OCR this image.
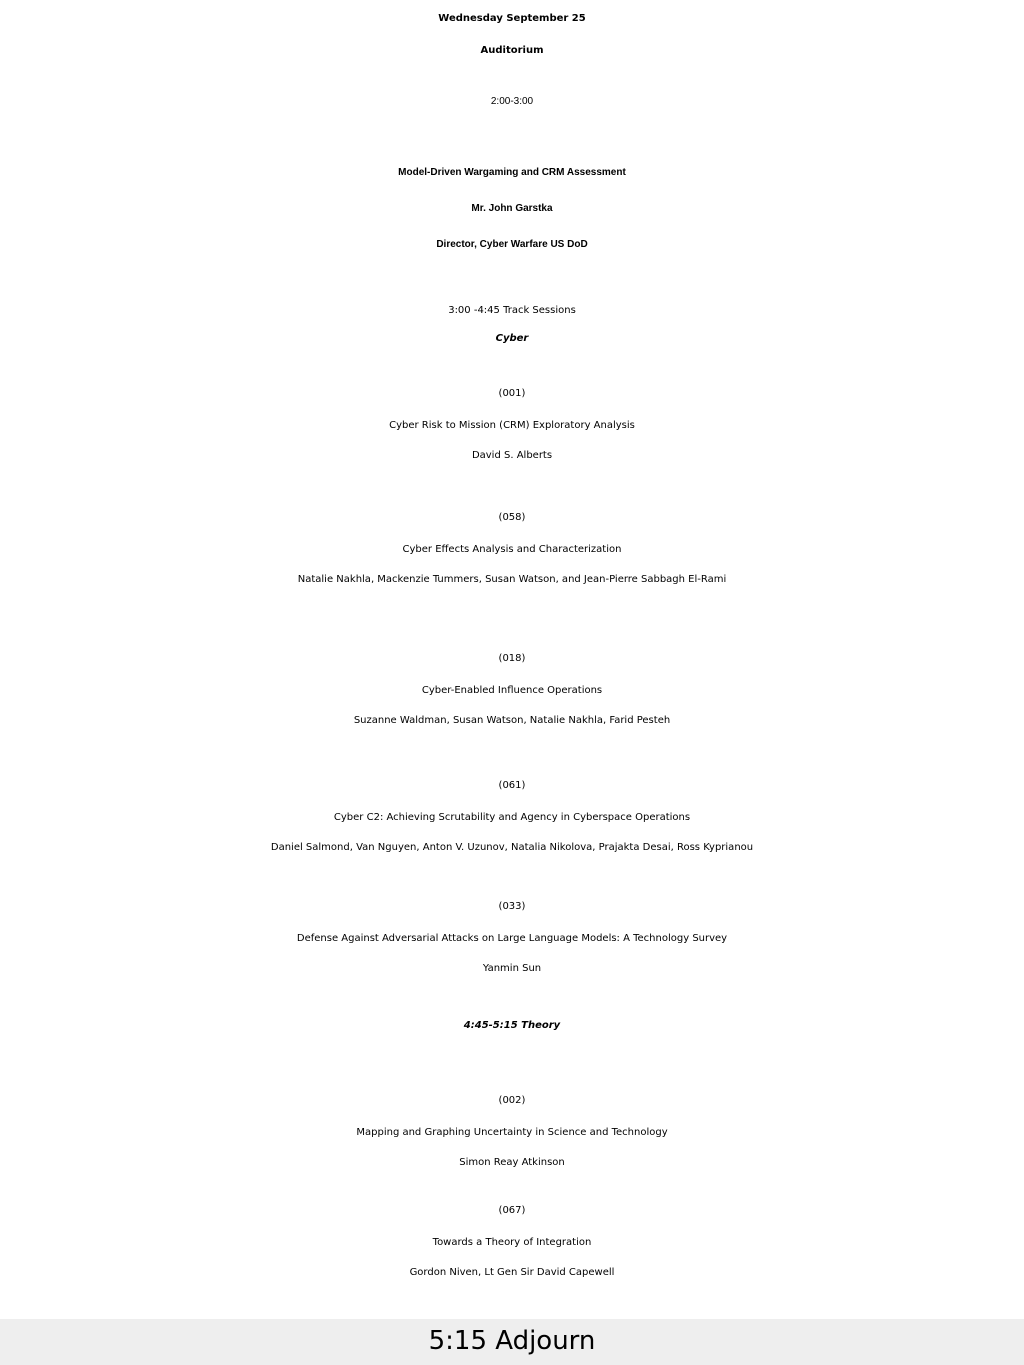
Wednesday September 25
Auditorium
2:00-3:00
Model-Driven Wargaming and CRM Assessment
Mr. John Garstka
Director, Cyber Warfare US DoD
3:00 -4:45 Track Sessions
Cyber
(001)
Cyber Risk to Mission (CRM) Exploratory Analysis
David S. Alberts
(058)
Cyber Effects Analysis and Characterization
Natalie Nakhla, Mackenzie Tummers, Susan Watson, and Jean-Pierre Sabbagh El-Rami
(018)
Cyber-Enabled Influence Operations
Suzanne Waldman, Susan Watson, Natalie Nakhla, Farid Pesteh
(061)
Cyber C2: Achieving Scrutability and Agency in Cyberspace Operations
Daniel Salmond, Van Nguyen, Anton V. Uzunov, Natalia Nikolova, Prajakta Desai, Ross Kyprianou
(033)
Defense Against Adversarial Attacks on Large Language Models: A Technology Survey
Yanmin Sun
4:45-5:15 Theory
(002)
Mapping and Graphing Uncertainty in Science and Technology
Simon Reay Atkinson
(067)
Towards a Theory of Integration
Gordon Niven, Lt Gen Sir David Capewell
5:15 Adjourn
